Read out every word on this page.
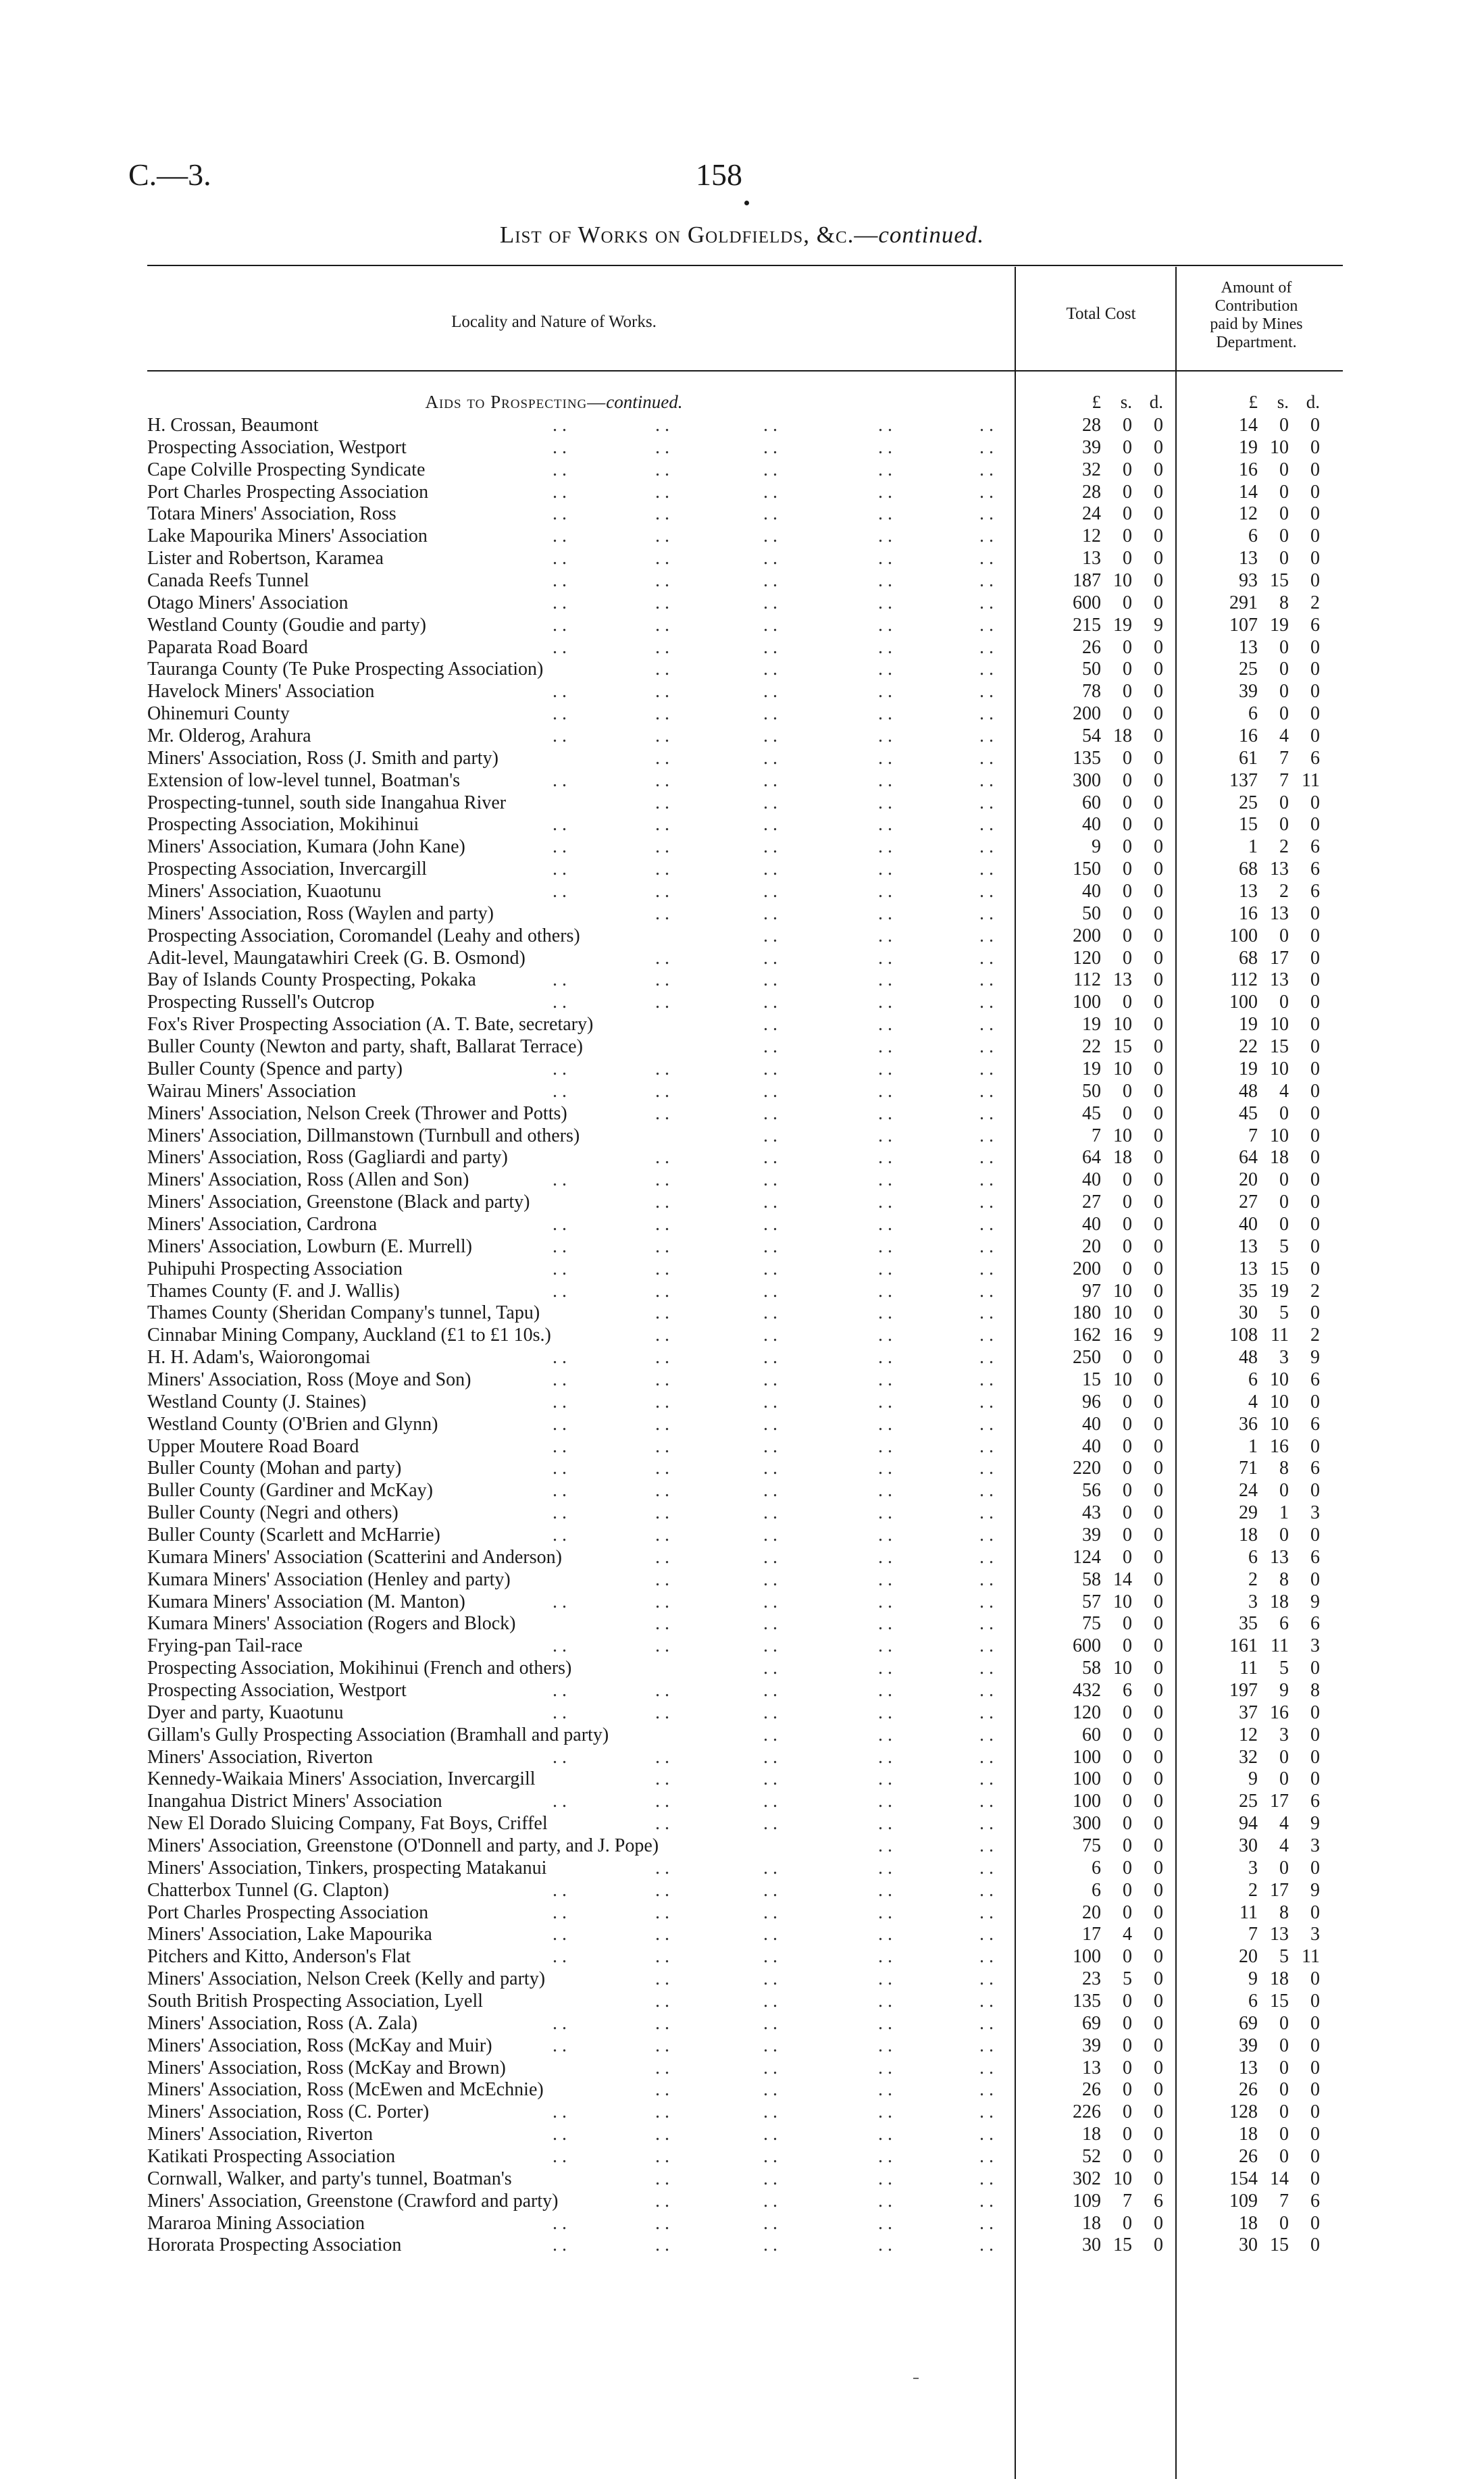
C.—3.	158
List of Works on Goldfields, &c.—continued.
Locality and Nature of Works.	Total Cost
Amount of
Contribution
paid by Mines
Department.
Aids to Prospecting—continued.	£	s. d.	£	s. d.
H. Crossan, Beaumont	. .	. .	. .	. .	. .	28	0	0	14	0	0
Prospecting Association, Westport	. .	. .	. .	. .	. .	39	0	0	19 10	0
Cape Colville Prospecting Syndicate	. .	. .	. .	. .	. .	32	0	0	16	0	0
Port Charles Prospecting Association	. .	. .	. .	. .	. .	28	0	0	14	0	0
Totara Miners' Association, Ross	. .	. .	. .	. .	. .	24	0	0	12	0	0
Lake Mapourika Miners' Association	. .	. .	. .	. .	. .	12	0	0	6	0	0
Lister and Robertson, Karamea	. .	. .	. .	. .	. .	13	0	0	13	0	0
Canada Reefs Tunnel	. .	. .	. .	. .	. .	187 10	0	93 15	0
Otago Miners' Association	. .	. .	. .	. .	. .	600	0	0	291	8	2
Westland County (Goudie and party)	. .	. .	. .	. .	. .	215 19	9	107 19	6
Paparata Road Board	. .	. .	. .	. .	. .	26	0	0	13	0	0
Tauranga County (Te Puke Prospecting Association)	. .	. .	. .	. .	50	0	0	25	0	0
Havelock Miners' Association	. .	. .	. .	. .	. .	78	0	0	39	0	0
Ohinemuri County	. .	. .	. .	. .	. .	200	0	0	6	0	0
Mr. Olderog, Arahura	. .	. .	. .	. .	. .	54 18	0	16	4	0
Miners' Association, Ross (J. Smith and party)	. .	. .	. .	. .	135	0	0	61	7	6
Extension of low-level tunnel, Boatman's	. .	. .	. .	. .	. .	300	0	0	137	7 11
Prospecting-tunnel, south side Inangahua River	. .	. .	. .	. .	60	0	0	25	0	0
Prospecting Association, Mokihinui	. .	. .	. .	. .	. .	40	0	0	15	0	0
Miners' Association, Kumara (John Kane)	. .	. .	. .	. .	. .	9	0	0	1	2	6
Prospecting Association, Invercargill	. .	. .	. .	. .	. .	150	0	0	68 13	6
Miners' Association, Kuaotunu	. .	. .	. .	. .	. .	40	0	0	13	2	6
Miners' Association, Ross (Waylen and party)	. .	. .	. .	. .	50	0	0	16 13	0
Prospecting Association, Coromandel (Leahy and others)	. .	. .	. .	200	0	0	100	0	0
Adit-level, Maungatawhiri Creek (G. B. Osmond)	. .	. .	. .	. .	120	0	0	68 17	0
Bay of Islands County Prospecting, Pokaka	. .	. .	. .	. .	. .	112 13	0	112 13	0
Prospecting Russell's Outcrop	. .	. .	. .	. .	. .	100	0	0	100	0	0
Fox's River Prospecting Association (A. T. Bate, secretary)	. .	. .	. .	19 10	0	19 10	0
Buller County (Newton and party, shaft, Ballarat Terrace)	. .	. .	. .	22 15	0	22 15	0
Buller County (Spence and party)	. .	. .	. .	. .	. .	19 10	0	19 10	0
Wairau Miners' Association	. .	. .	. .	. .	. .	50	0	0	48	4	0
Miners' Association, Nelson Creek (Thrower and Potts)	. .	. .	. .	. .	45	0	0	45	0	0
Miners' Association, Dillmanstown (Turnbull and others)	. .	. .	. .	7 10	0	7 10	0
Miners' Association, Ross (Gagliardi and party)	. .	. .	. .	. .	64 18	0	64 18	0
Miners' Association, Ross (Allen and Son)	. .	. .	. .	. .	. .	40	0	0	20	0	0
Miners' Association, Greenstone (Black and party)	. .	. .	. .	. .	27	0	0	27	0	0
Miners' Association, Cardrona	. .	. .	. .	. .	. .	40	0	0	40	0	0
Miners' Association, Lowburn (E. Murrell)	. .	. .	. .	. .	. .	20	0	0	13	5	0
Puhipuhi Prospecting Association	. .	. .	. .	. .	. .	200	0	0	13 15	0
Thames County (F. and J. Wallis)	. .	. .	. .	. .	. .	97 10	0	35 19	2
Thames County (Sheridan Company's tunnel, Tapu)	. .	. .	. .	. .	180 10	0	30	5	0
Cinnabar Mining Company, Auckland (£1 to £1 10s.)	. .	. .	. .	. .	162 16	9	108 11	2
H. H. Adam's, Waiorongomai	. .	. .	. .	. .	. .	250	0	0	48	3	9
Miners' Association, Ross (Moye and Son)	. .	. .	. .	. .	. .	15 10	0	6 10	6
Westland County (J. Staines)	. .	. .	. .	. .	. .	96	0	0	4 10	0
Westland County (O'Brien and Glynn)	. .	. .	. .	. .	. .	40	0	0	36 10	6
Upper Moutere Road Board	. .	. .	. .	. .	. .	40	0	0	1 16	0
Buller County (Mohan and party)	. .	. .	. .	. .	. .	220	0	0	71	8	6
Buller County (Gardiner and McKay)	. .	. .	. .	. .	. .	56	0	0	24	0	0
Buller County (Negri and others)	. .	. .	. .	. .	. .	43	0	0	29	1	3
Buller County (Scarlett and McHarrie)	. .	. .	. .	. .	. .	39	0	0	18	0	0
Kumara Miners' Association (Scatterini and Anderson)	. .	. .	. .	. .	124	0	0	6 13	6
Kumara Miners' Association (Henley and party)	. .	. .	. .	. .	58 14	0	2	8	0
Kumara Miners' Association (M. Manton)	. .	. .	. .	. .	. .	57 10	0	3 18	9
Kumara Miners' Association (Rogers and Block)	. .	. .	. .	. .	75	0	0	35	6	6
Frying-pan Tail-race	. .	. .	. .	. .	. .	600	0	0	161 11	3
Prospecting Association, Mokihinui (French and others)	. .	. .	. .	58 10	0	11	5	0
Prospecting Association, Westport	. .	. .	. .	. .	. .	432	6	0	197	9	8
Dyer and party, Kuaotunu	. .	. .	. .	. .	. .	120	0	0	37 16	0
Gillam's Gully Prospecting Association (Bramhall and party)	. .	. .	. .	60	0	0	12	3	0
Miners' Association, Riverton	. .	. .	. .	. .	. .	100	0	0	32	0	0
Kennedy-Waikaia Miners' Association, Invercargill	. .	. .	. .	. .	100	0	0	9	0	0
Inangahua District Miners' Association	. .	. .	. .	. .	. .	100	0	0	25 17	6
New El Dorado Sluicing Company, Fat Boys, Criffel	. .	. .	. .	. .	300	0	0	94	4	9
Miners' Association, Greenstone (O'Donnell and party, and J. Pope)	. .	. .	75	0	0	30	4	3
Miners' Association, Tinkers, prospecting Matakanui	. .	. .	. .	. .	6	0	0	3	0	0
Chatterbox Tunnel (G. Clapton)	. .	. .	. .	. .	. .	6	0	0	2 17	9
Port Charles Prospecting Association	. .	. .	. .	. .	. .	20	0	0	11	8	0
Miners' Association, Lake Mapourika	. .	. .	. .	. .	. .	17	4	0	7 13	3
Pitchers and Kitto, Anderson's Flat	. .	. .	. .	. .	. .	100	0	0	20	5 11
Miners' Association, Nelson Creek (Kelly and party)	. .	. .	. .	. .	23	5	0	9 18	0
South British Prospecting Association, Lyell	. .	. .	. .	. .	135	0	0	6 15	0
Miners' Association, Ross (A. Zala)	. .	. .	. .	. .	. .	69	0	0	69	0	0
Miners' Association, Ross (McKay and Muir)	. .	. .	. .	. .	. .	39	0	0	39	0	0
Miners' Association, Ross (McKay and Brown)	. .	. .	. .	. .	13	0	0	13	0	0
Miners' Association, Ross (McEwen and McEchnie)	. .	. .	. .	. .	26	0	0	26	0	0
Miners' Association, Ross (C. Porter)	. .	. .	. .	. .	. .	226	0	0	128	0	0
Miners' Association, Riverton	. .	. .	. .	. .	. .	18	0	0	18	0	0
Katikati Prospecting Association	. .	. .	. .	. .	. .	52	0	0	26	0	0
Cornwall, Walker, and party's tunnel, Boatman's	. .	. .	. .	. .	302 10	0	154 14	0
Miners' Association, Greenstone (Crawford and party)	. .	. .	. .	. .	109	7	6	109	7	6
Mararoa Mining Association	. .	. .	. .	. .	. .	18	0	0	18	0	0
Hororata Prospecting Association	. .	. .	. .	. .	. .	30 15	0	30 15	0
